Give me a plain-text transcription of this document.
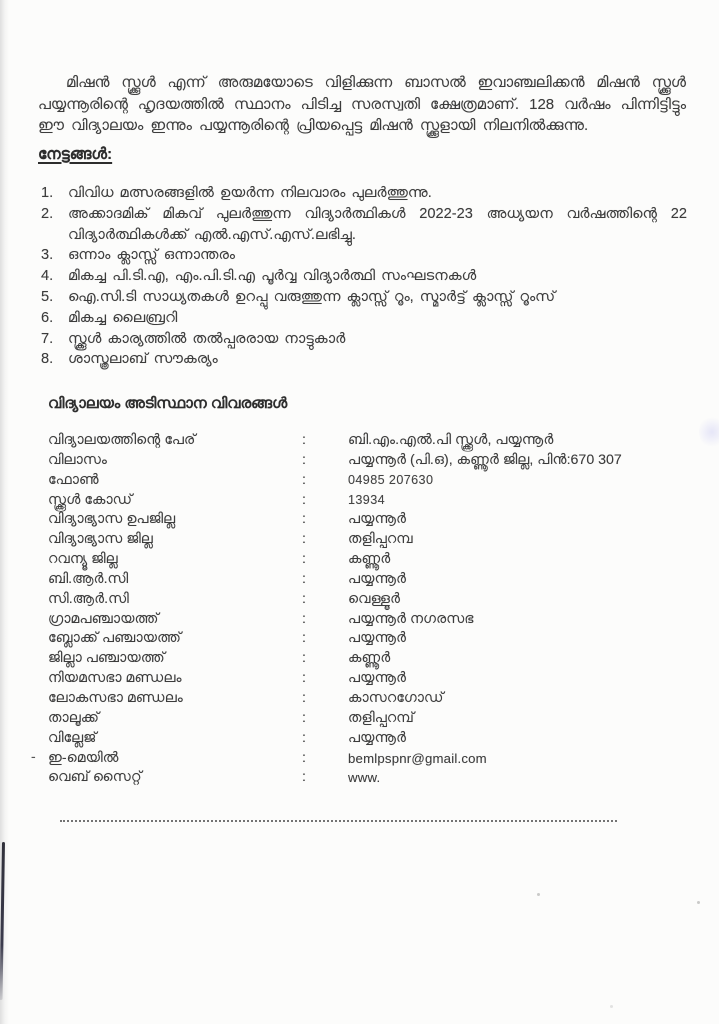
മിഷൻ സ്ക്കൂൾ എന്ന് അരുമയോടെ വിളിക്കുന്ന ബാസൽ ഇവാഞ്ചലിക്കൻ മിഷൻ സ്ക്കൂൾ പയ്യന്നൂരിന്റെ ഹൃദയത്തിൽ സ്ഥാനം പിടിച്ച സരസ്വതി ക്ഷേത്രമാണ്. 128 വർഷം പിന്നിട്ടിട്ടും ഈ വിദ്യാലയം ഇന്നും പയ്യന്നൂരിന്റെ പ്രിയപ്പെട്ട മിഷൻ സ്ക്കൂളായി നിലനിൽക്കുന്നു.

നേട്ടങ്ങൾ:
1.	വിവിധ മത്സരങ്ങളിൽ ഉയർന്ന നിലവാരം പുലർത്തുന്നു.
2.	അക്കാദമിക് മികവ് പുലർത്തുന്ന വിദ്യാർത്ഥികൾ 2022-23 അധ്യയന വർഷത്തിന്റെ 22 വിദ്യാർത്ഥികൾക്ക് എൽ.എസ്.എസ്.ലഭിച്ചു.
3.	ഒന്നാം ക്ലാസ്സ് ഒന്നാന്തരം
4.	മികച്ച പി.ടി.എ, എം.പി.ടി.എ പൂർവ്വ വിദ്യാർത്ഥി സംഘടനകൾ
5.	ഐ.സി.ടി സാധ്യതകൾ ഉറപ്പു വരുത്തുന്ന ക്ലാസ്സ് റൂം, സ്മാർട്ട് ക്ലാസ്സ് റൂംസ്
6.	മികച്ച ലൈബ്രറി
7.	സ്ക്കൂൾ കാര്യത്തിൽ തൽപ്പരരായ നാട്ടുകാർ
8.	ശാസ്ത്രലാബ് സൗകര്യം
വിദ്യാലയം അടിസ്ഥാന വിവരങ്ങൾ
വിദ്യാലയത്തിന്റെ പേര്	:	ബി.എം.എൽ.പി സ്ക്കൂൾ, പയ്യന്നൂർ
വിലാസം	:	പയ്യന്നൂർ (പി.ഒ), കണ്ണൂർ ജില്ല, പിൻ:670 307
ഫോൺ	:	04985 207630
സ്ക്കൂൾ കോഡ്	:	13934
വിദ്യാഭ്യാസ ഉപജില്ല	:	പയ്യന്നൂർ
വിദ്യാഭ്യാസ ജില്ല	:	തളിപ്പറമ്പ
റവന്യൂ ജില്ല	:	കണ്ണൂർ
ബി.ആർ.സി	:	പയ്യന്നൂർ
സി.ആർ.സി	:	വെള്ളൂർ
ഗ്രാമപഞ്ചായത്ത്	:	പയ്യന്നൂർ നഗരസഭ
ബ്ലോക്ക് പഞ്ചായത്ത്	:	പയ്യന്നൂർ
ജില്ലാ പഞ്ചായത്ത്	:	കണ്ണൂർ
നിയമസഭാ മണ്ഡലം	:	പയ്യന്നൂർ
ലോകസഭാ മണ്ഡലം	:	കാസറഗോഡ്
താലൂക്ക്	:	തളിപ്പറമ്പ്
വില്ലേജ്	:	പയ്യന്നൂർ
ഇ-മെയിൽ	:	bemlpspnr@gmail.com
വെബ് സൈറ്റ്	:	www.
-
